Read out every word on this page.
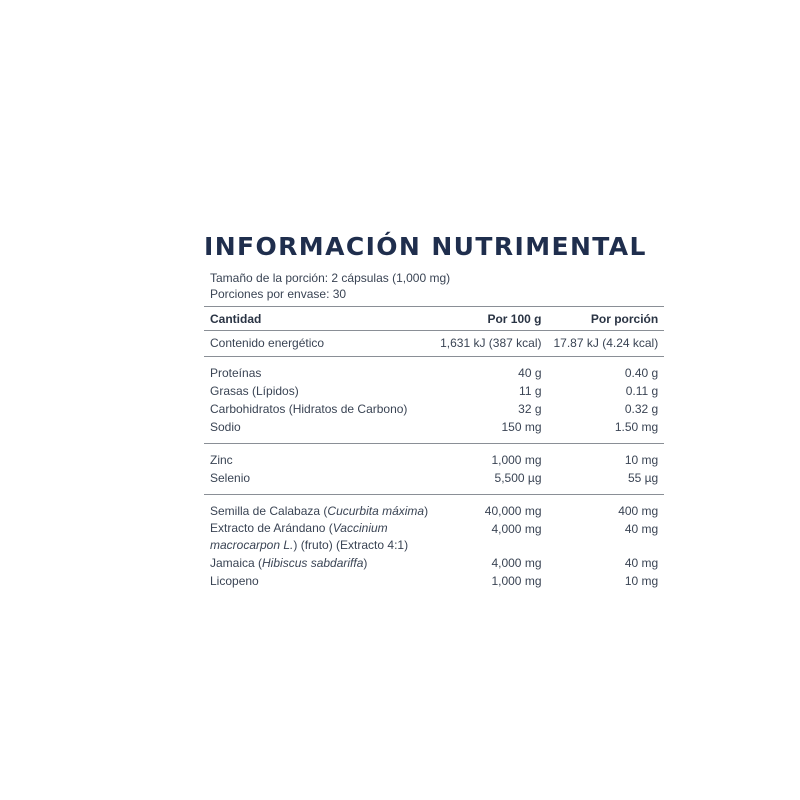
INFORMACIÓN NUTRIMENTAL
Tamaño de la porción: 2 cápsulas (1,000 mg)
Porciones por envase: 30
Cantidad	Por 100 g	Por porción
Contenido energético	1,631 kJ (387 kcal)	17.87 kJ (4.24 kcal)
Proteínas	40 g	0.40 g
Grasas (Lípidos)	11 g	0.11 g
Carbohidratos (Hidratos de Carbono)	32 g	0.32 g
Sodio	150 mg	1.50 mg
Zinc	1,000 mg	10 mg
Selenio	5,500 µg	55 µg
Semilla de Calabaza (Cucurbita máxima)	40,000 mg	400 mg
Extracto de Arándano (Vaccinium macrocarpon L.) (fruto) (Extracto 4:1)	4,000 mg	40 mg
Jamaica (Hibiscus sabdariffa)	4,000 mg	40 mg
Licopeno	1,000 mg	10 mg
